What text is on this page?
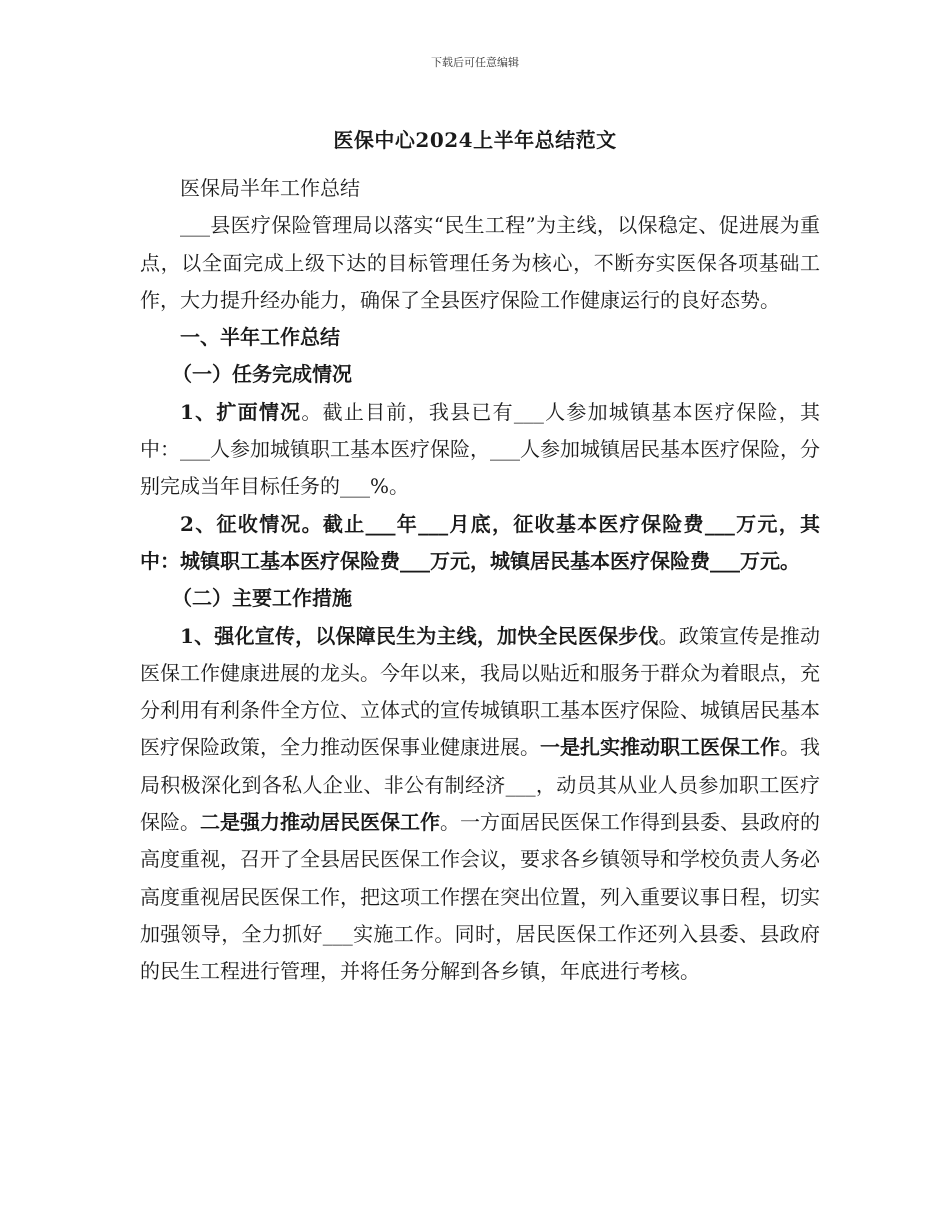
下载后可任意编辑
医保中心2024上半年总结范文

医保局半年工作总结

___县医疗保险管理局以落实“民生工程”为主线，以保稳定、促进展为重点，以全面完成上级下达的目标管理任务为核心，不断夯实医保各项基础工作，大力提升经办能力，确保了全县医疗保险工作健康运行的良好态势。

一、半年工作总结

（一）任务完成情况

1、扩面情况。截止目前，我县已有___人参加城镇基本医疗保险，其中：___人参加城镇职工基本医疗保险，___人参加城镇居民基本医疗保险，分别完成当年目标任务的___%。

2、征收情况。截止___年___月底，征收基本医疗保险费___万元，其中：城镇职工基本医疗保险费___万元，城镇居民基本医疗保险费___万元。

（二）主要工作措施

1、强化宣传，以保障民生为主线，加快全民医保步伐。政策宣传是推动医保工作健康进展的龙头。今年以来，我局以贴近和服务于群众为着眼点，充分利用有利条件全方位、立体式的宣传城镇职工基本医疗保险、城镇居民基本医疗保险政策，全力推动医保事业健康进展。一是扎实推动职工医保工作。我局积极深化到各私人企业、非公有制经济___，动员其从业人员参加职工医疗保险。二是强力推动居民医保工作。一方面居民医保工作得到县委、县政府的高度重视，召开了全县居民医保工作会议，要求各乡镇领导和学校负责人务必高度重视居民医保工作，把这项工作摆在突出位置，列入重要议事日程，切实加强领导，全力抓好___实施工作。同时，居民医保工作还列入县委、县政府的民生工程进行管理，并将任务分解到各乡镇，年底进行考核。
